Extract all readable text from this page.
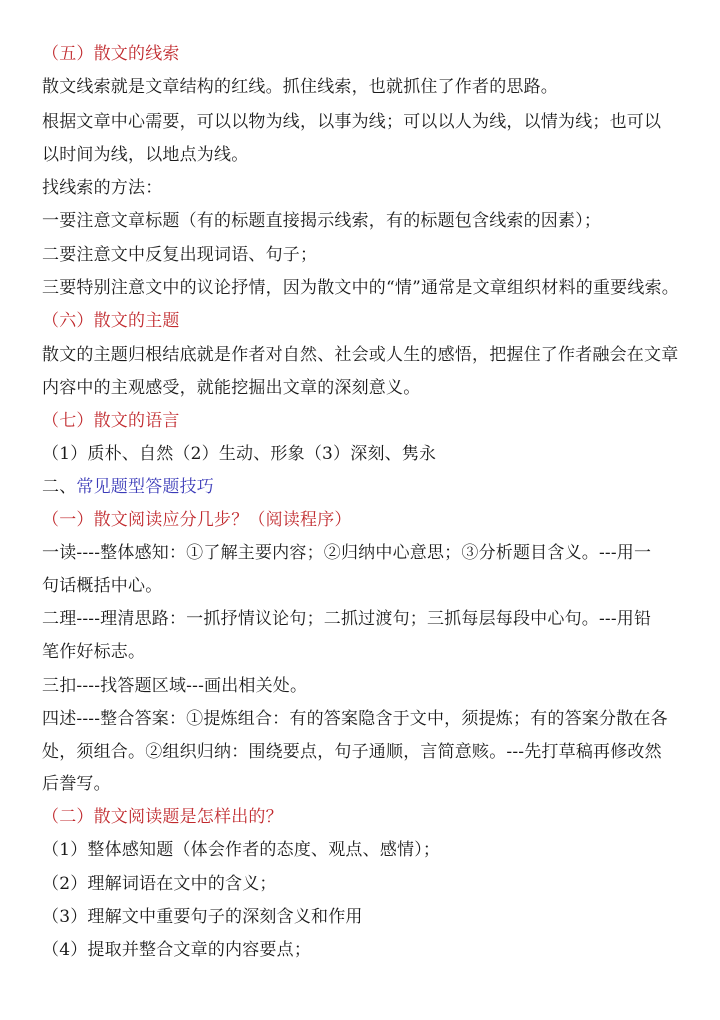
（五）散文的线索
散文线索就是文章结构的红线。抓住线索，也就抓住了作者的思路。
根据文章中心需要，可以以物为线，以事为线；可以以人为线，以情为线；也可以
以时间为线，以地点为线。
找线索的方法：
一要注意文章标题（有的标题直接揭示线索，有的标题包含线索的因素）；
二要注意文中反复出现词语、句子；
三要特别注意文中的议论抒情，因为散文中的“情”通常是文章组织材料的重要线索。
（六）散文的主题
散文的主题归根结底就是作者对自然、社会或人生的感悟，把握住了作者融会在文章
内容中的主观感受，就能挖掘出文章的深刻意义。
（七）散文的语言
（1）质朴、自然（2）生动、形象（3）深刻、隽永
二、常见题型答题技巧
（一）散文阅读应分几步？（阅读程序）
一读----整体感知：①了解主要内容；②归纳中心意思；③分析题目含义。---用一
句话概括中心。
二理----理清思路：一抓抒情议论句；二抓过渡句；三抓每层每段中心句。---用铅
笔作好标志。
三扣----找答题区域---画出相关处。
四述----整合答案：①提炼组合：有的答案隐含于文中，须提炼；有的答案分散在各
处，须组合。②组织归纳：围绕要点，句子通顺，言简意赅。---先打草稿再修改然
后誊写。
（二）散文阅读题是怎样出的？
（1）整体感知题（体会作者的态度、观点、感情）；
（2）理解词语在文中的含义；
（3）理解文中重要句子的深刻含义和作用
（4）提取并整合文章的内容要点；
